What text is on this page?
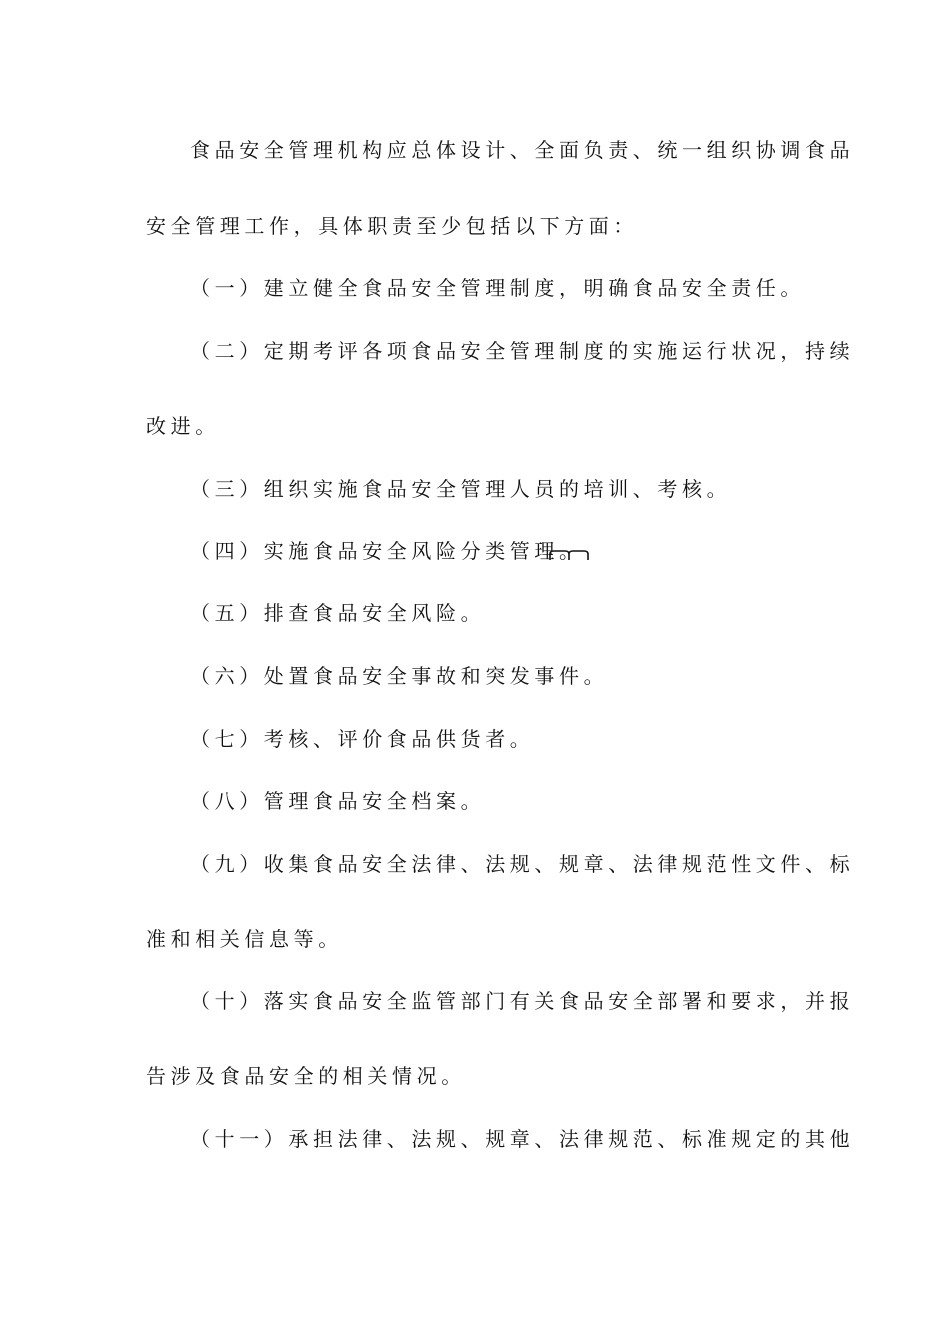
食品安全管理机构应总体设计、全面负责、统一组织协调食品
安全管理工作，具体职责至少包括以下方面：
（一）建立健全食品安全管理制度，明确食品安全责任。
（二）定期考评各项食品安全管理制度的实施运行状况，持续
改进。
（三）组织实施食品安全管理人员的培训、考核。
（四）实施食品安全风险分类管理。
（五）排查食品安全风险。
（六）处置食品安全事故和突发事件。
（七）考核、评价食品供货者。
（八）管理食品安全档案。
（九）收集食品安全法律、法规、规章、法律规范性文件、标
准和相关信息等。
（十）落实食品安全监管部门有关食品安全部署和要求，并报
告涉及食品安全的相关情况。
（十一）承担法律、法规、规章、法律规范、标准规定的其他
